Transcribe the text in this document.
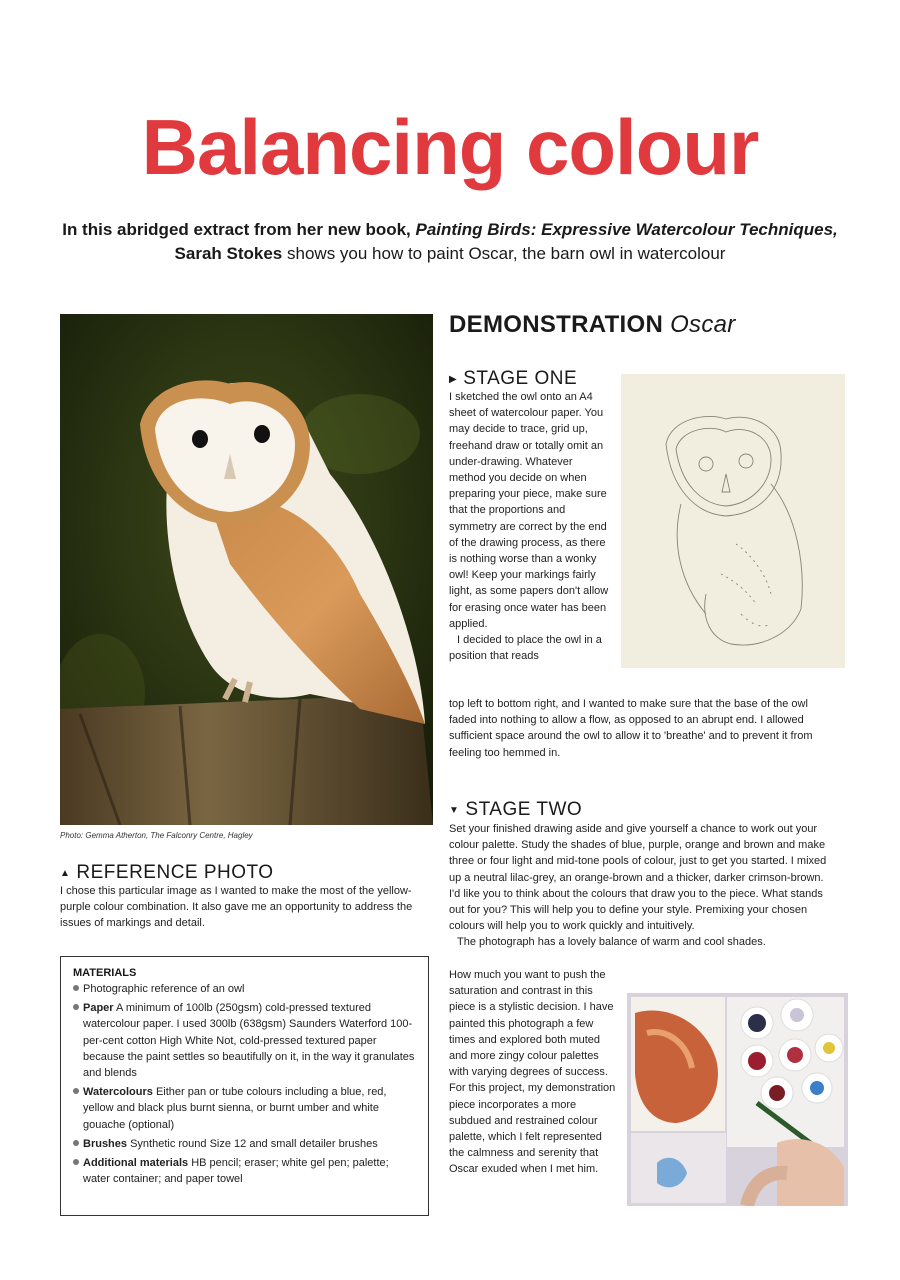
Balancing colour
In this abridged extract from her new book, Painting Birds: Expressive Watercolour Techniques, Sarah Stokes shows you how to paint Oscar, the barn owl in watercolour
Photo: Gemma Atherton, The Falconry Centre, Hagley
▲ REFERENCE PHOTO

I chose this particular image as I wanted to make the most of the yellow-purple colour combination. It also gave me an opportunity to address the issues of markings and detail.

MATERIALS
Photographic reference of an owl
Paper A minimum of 100lb (250gsm) cold-pressed textured watercolour paper. I used 300lb (638gsm) Saunders Waterford 100-per-cent cotton High White Not, cold-pressed textured paper because the paint settles so beautifully on it, in the way it granulates and blends
Watercolours Either pan or tube colours including a blue, red, yellow and black plus burnt sienna, or burnt umber and white gouache (optional)
Brushes Synthetic round Size 12 and small detailer brushes
Additional materials HB pencil; eraser; white gel pen; palette; water container; and paper towel
DEMONSTRATION Oscar
▶ STAGE ONE

I sketched the owl onto an A4 sheet of watercolour paper. You may decide to trace, grid up, freehand draw or totally omit an under-drawing. Whatever method you decide on when preparing your piece, make sure that the proportions and symmetry are correct by the end of the drawing process, as there is nothing worse than a wonky owl! Keep your markings fairly light, as some papers don't allow for erasing once water has been applied.

I decided to place the owl in a position that reads

top left to bottom right, and I wanted to make sure that the base of the owl faded into nothing to allow a flow, as opposed to an abrupt end. I allowed sufficient space around the owl to allow it to 'breathe' and to prevent it from feeling too hemmed in.

▼ STAGE TWO

Set your finished drawing aside and give yourself a chance to work out your colour palette. Study the shades of blue, purple, orange and brown and make three or four light and mid-tone pools of colour, just to get you started. I mixed up a neutral lilac-grey, an orange-brown and a thicker, darker crimson-brown. I'd like you to think about the colours that draw you to the piece. What stands out for you? This will help you to define your style. Premixing your chosen colours will help you to work quickly and intuitively.

The photograph has a lovely balance of warm and cool shades.

How much you want to push the saturation and contrast in this piece is a stylistic decision. I have painted this photograph a few times and explored both muted and more zingy colour palettes with varying degrees of success. For this project, my demonstration piece incorporates a more subdued and restrained colour palette, which I felt represented the calmness and serenity that Oscar exuded when I met him.
